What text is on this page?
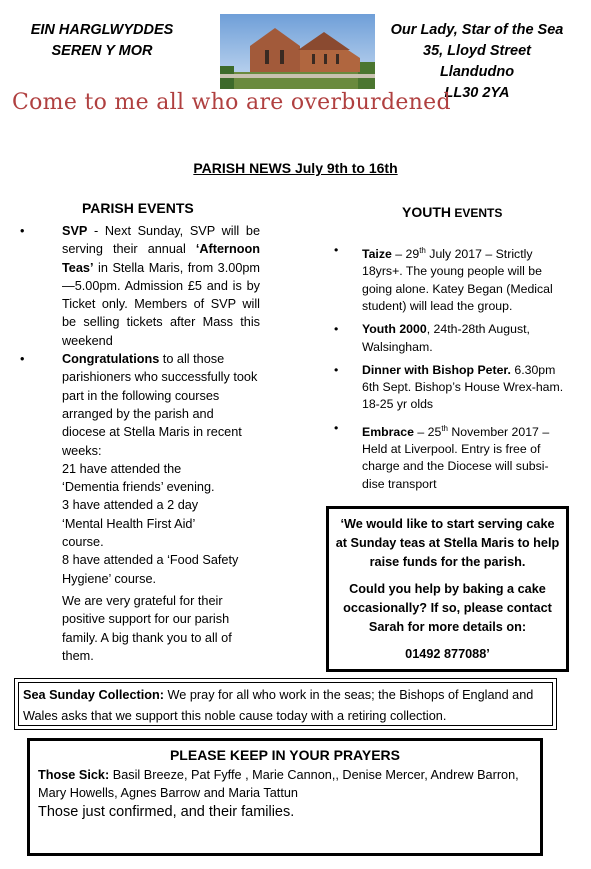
EIN HARGLWYDDES
SEREN Y MOR
Our Lady, Star of the Sea
35, Lloyd Street
Llandudno
LL30 2YA
Come to me all who are overburdened
PARISH NEWS July 9th to 16th
PARISH EVENTS
•	SVP - Next Sunday, SVP will be serving their annual ‘Afternoon Teas’ in Stella Maris, from 3.00pm—5.00pm. Admission £5 and is by Ticket only. Members of SVP will be selling tickets after Mass this weekend

•	Congratulations to all those parishioners who successfully took part in the following courses arranged by the parish and diocese at Stella Maris in recent weeks:

21 have attended the

‘Dementia friends’ evening.

3 have attended a 2 day

‘Mental Health First Aid’

course.

8 have attended a ‘Food Safety

Hygiene’ course.

We are very grateful for their positive support for our parish family. A big thank you to all of them.

YOUTH EVENTS
• Taize – 29th July 2017 – Strictly 18yrs+. The young people will be going alone. Katey Began (Medical student) will lead the group.
• Youth 2000, 24th-28th August, Walsingham.
• Dinner with Bishop Peter. 6.30pm 6th Sept. Bishop’s House Wrex-ham. 18-25 yr olds
• Embrace – 25th November 2017 – Held at Liverpool. Entry is free of charge and the Diocese will subsi-dise transport

‘We would like to start serving cake at Sunday teas at Stella Maris to help raise funds for the parish.

Could you help by baking a cake occasionally? If so, please contact Sarah for more details on:

01492 877088’

Sea Sunday Collection: We pray for all who work in the seas; the Bishops of England and Wales asks that we support this noble cause today with a retiring collection.
PLEASE KEEP IN YOUR PRAYERS
Those Sick: Basil Breeze, Pat Fyffe , Marie Cannon,, Denise Mercer, Andrew Barron, Mary Howells, Agnes Barrow and Maria Tattun
Those just confirmed, and their families.
